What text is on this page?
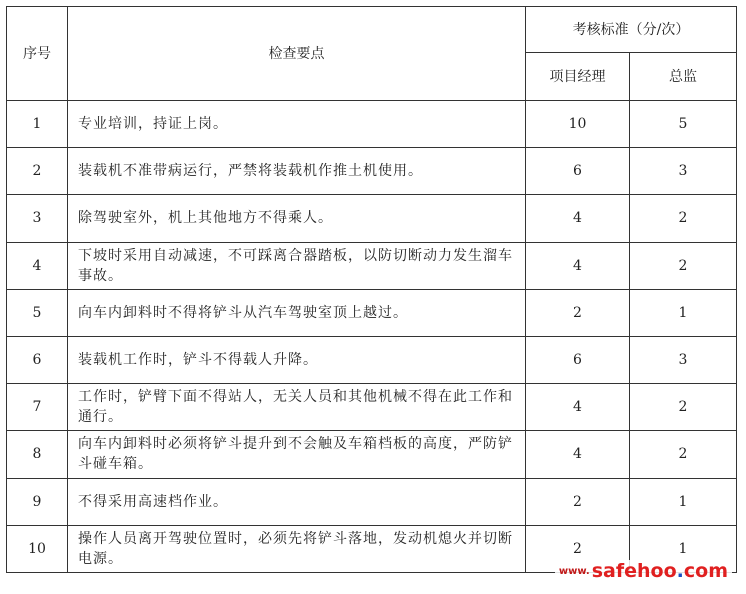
序号	检查要点	考核标准（分/次）	
		项目经理	总监
1	专业培训，持证上岗。	10	5
2	装载机不准带病运行，严禁将装载机作推土机使用。	6	3
3	除驾驶室外，机上其他地方不得乘人。	4	2
4	下坡时采用自动减速，不可踩离合器踏板，以防切断动力发生溜车事故。	4	2
5	向车内卸料时不得将铲斗从汽车驾驶室顶上越过。	2	1
6	装载机工作时，铲斗不得载人升降。	6	3
7	工作时，铲臂下面不得站人，无关人员和其他机械不得在此工作和通行。	4	2
8	向车内卸料时必须将铲斗提升到不会触及车箱档板的高度，严防铲斗碰车箱。	4	2
9	不得采用高速档作业。	2	1
10	操作人员离开驾驶位置时，必须先将铲斗落地，发动机熄火并切断电源。	2	1
www. safehoo . com
